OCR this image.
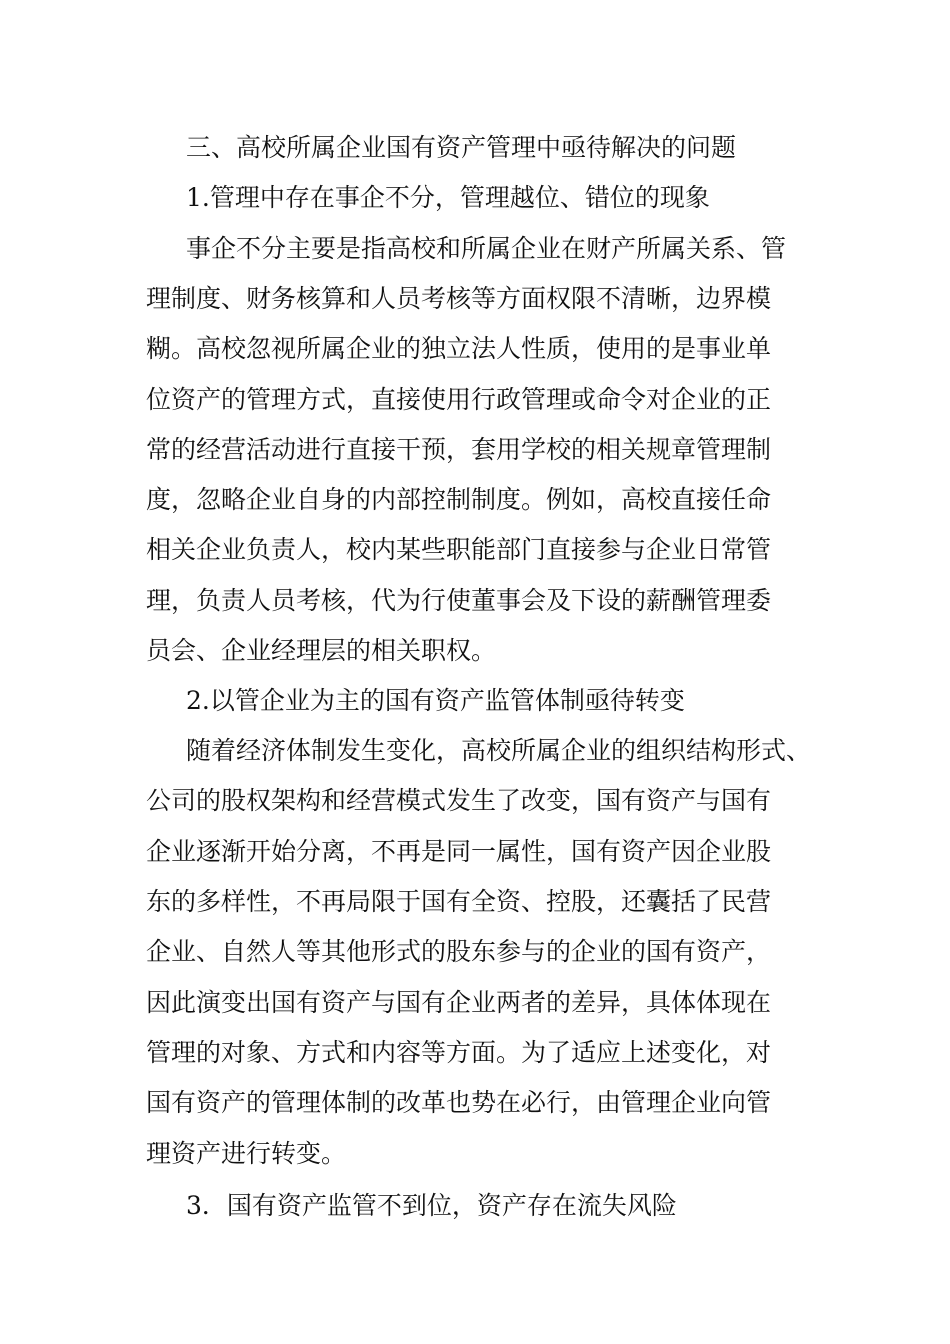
三、高校所属企业国有资产管理中亟待解决的问题
1.管理中存在事企不分，管理越位、错位的现象
事企不分主要是指高校和所属企业在财产所属关系、管
理制度、财务核算和人员考核等方面权限不清晰，边界模
糊。高校忽视所属企业的独立法人性质，使用的是事业单
位资产的管理方式，直接使用行政管理或命令对企业的正
常的经营活动进行直接干预，套用学校的相关规章管理制
度，忽略企业自身的内部控制制度。例如，高校直接任命
相关企业负责人，校内某些职能部门直接参与企业日常管
理，负责人员考核，代为行使董事会及下设的薪酬管理委
员会、企业经理层的相关职权。
2.以管企业为主的国有资产监管体制亟待转变
随着经济体制发生变化，高校所属企业的组织结构形式、
公司的股权架构和经营模式发生了改变，国有资产与国有
企业逐渐开始分离，不再是同一属性，国有资产因企业股
东的多样性，不再局限于国有全资、控股，还囊括了民营
企业、自然人等其他形式的股东参与的企业的国有资产，
因此演变出国有资产与国有企业两者的差异，具体体现在
管理的对象、方式和内容等方面。为了适应上述变化，对
国有资产的管理体制的改革也势在必行，由管理企业向管
理资产进行转变。
3．国有资产监管不到位，资产存在流失风险
